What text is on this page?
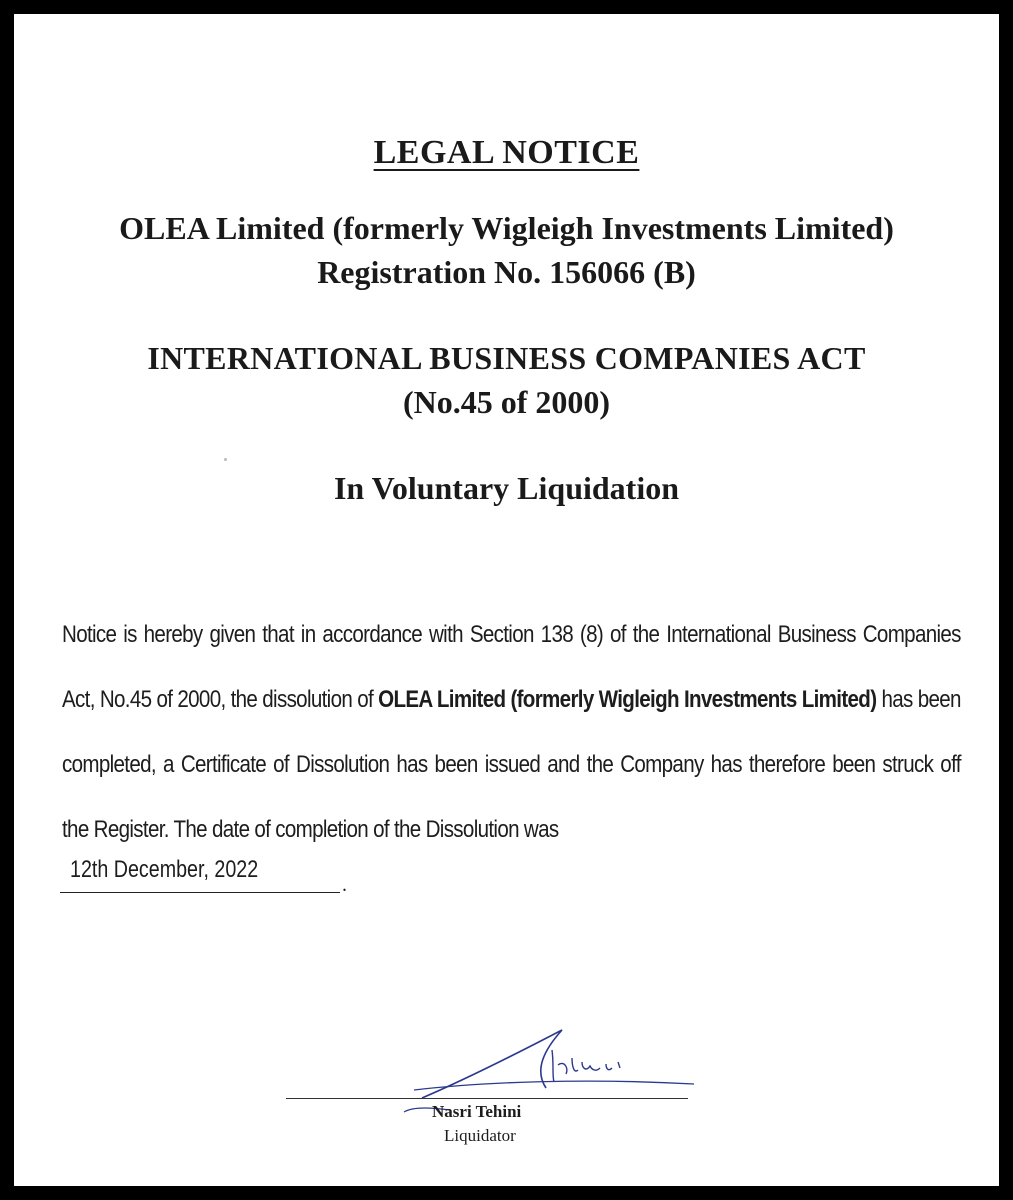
LEGAL NOTICE
OLEA Limited (formerly Wigleigh Investments Limited)
Registration No. 156066 (B)
INTERNATIONAL BUSINESS COMPANIES ACT
(No.45 of 2000)
In Voluntary Liquidation
Notice is hereby given that in accordance with Section 138 (8) of the International Business Companies Act, No.45 of 2000, the dissolution of OLEA Limited (formerly Wigleigh Investments Limited) has been completed, a Certificate of Dissolution has been issued and the Company has therefore been struck off the Register. The date of completion of the Dissolution was
12th December, 2022
.
Nasri Tehini
Liquidator
